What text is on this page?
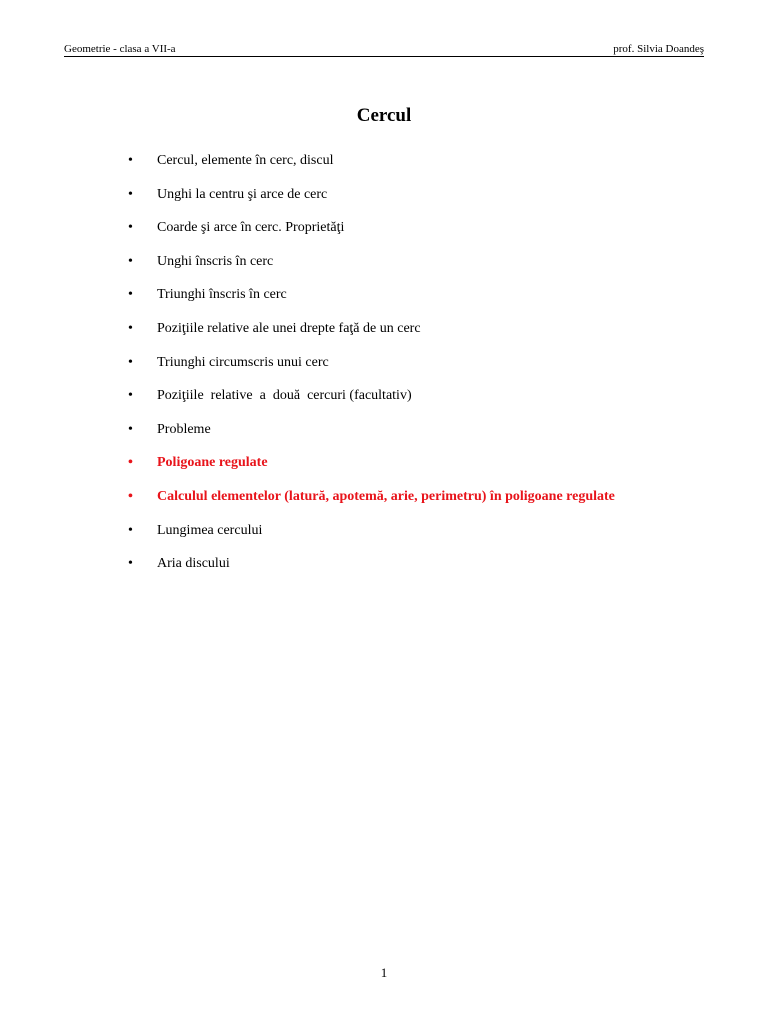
Geometrie - clasa a VII-a	prof. Silvia Doandeş
Cercul
• Cercul, elemente în cerc, discul
• Unghi la centru şi arce de cerc
• Coarde şi arce în cerc. Proprietăţi
• Unghi înscris în cerc
• Triunghi înscris în cerc
• Poziţiile relative ale unei drepte faţă de un cerc
• Triunghi circumscris unui cerc
• Poziţiile  relative  a  două  cercuri (facultativ)
• Probleme
• Poligoane regulate
• Calculul elementelor (latură, apotemă, arie, perimetru) în poligoane regulate
• Lungimea cercului
• Aria discului
1
